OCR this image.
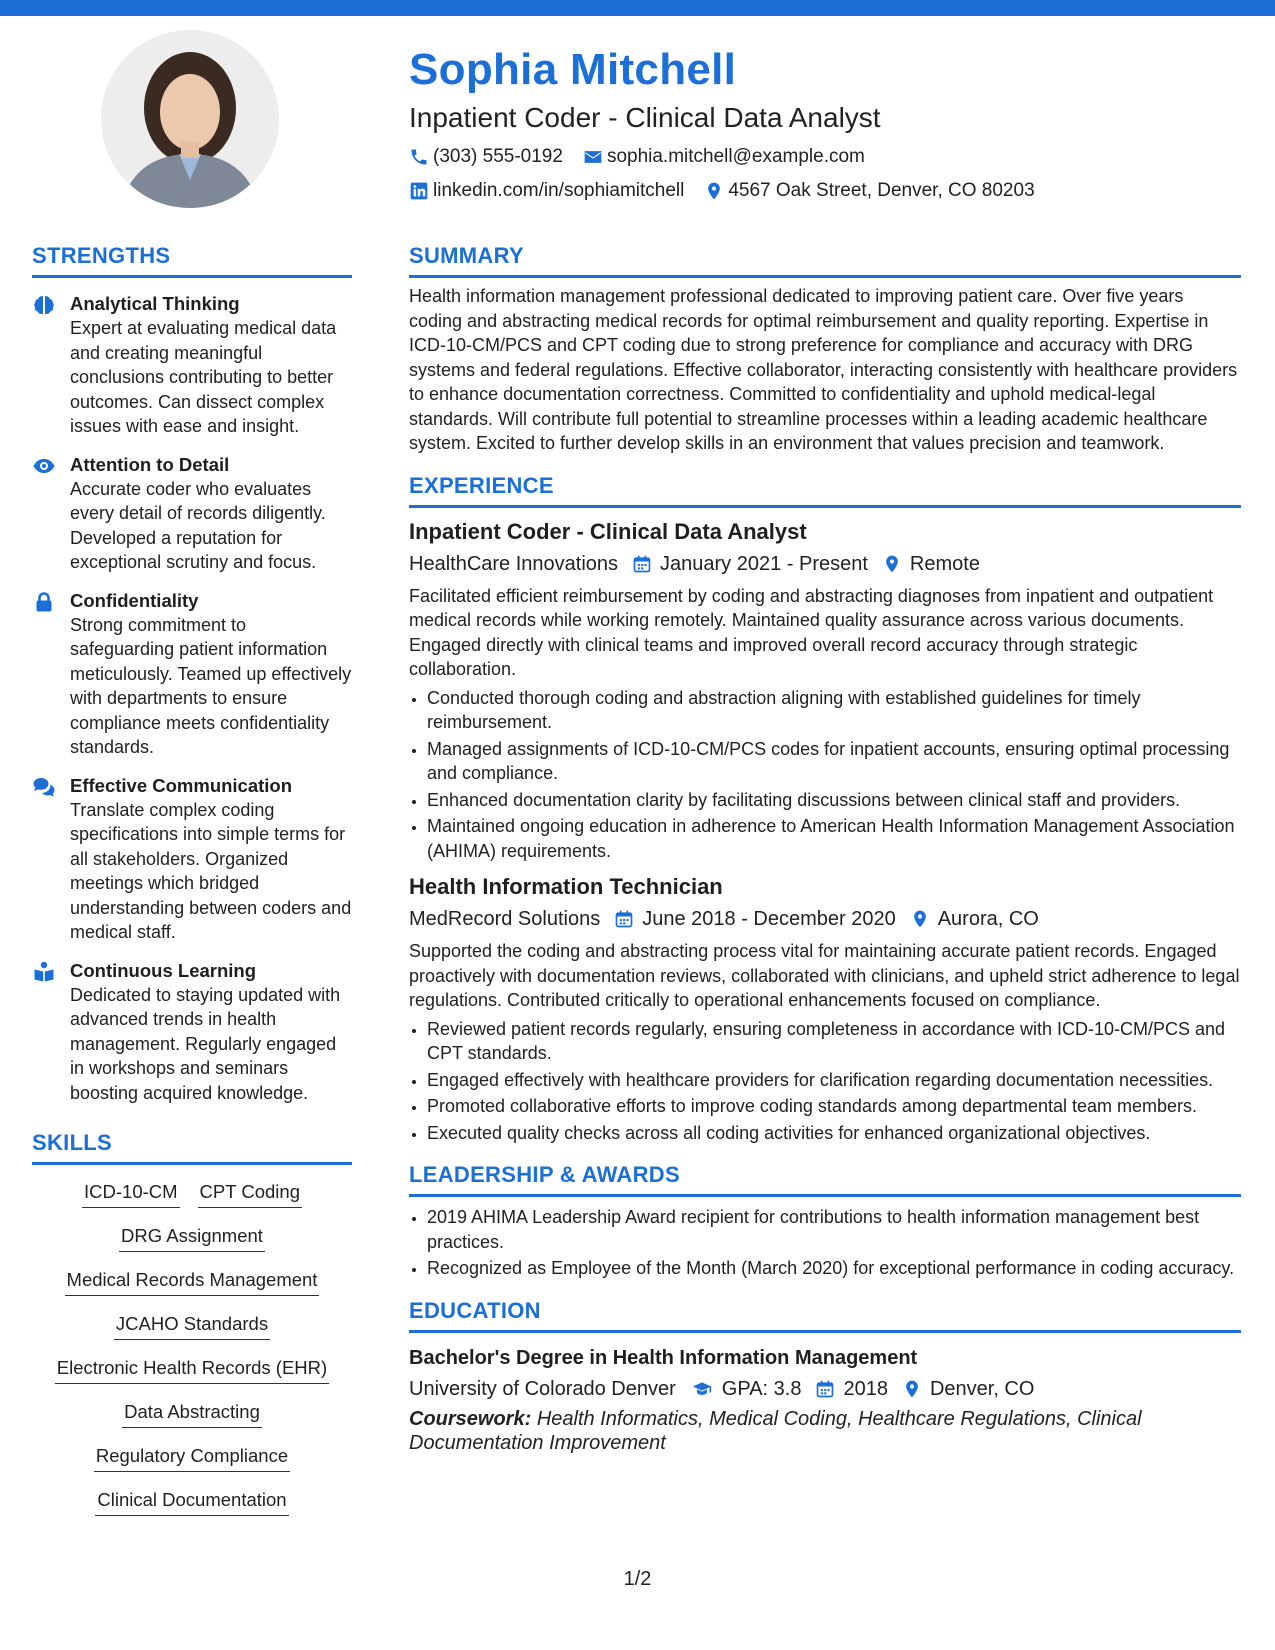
Sophia Mitchell
Inpatient Coder - Clinical Data Analyst
(303) 555-0192 sophia.mitchell@example.com
linkedin.com/in/sophiamitchell 4567 Oak Street, Denver, CO 80203
STRENGTHS
Analytical Thinking
Expert at evaluating medical data and creating meaningful conclusions contributing to better outcomes. Can dissect complex issues with ease and insight.
Attention to Detail
Accurate coder who evaluates every detail of records diligently. Developed a reputation for exceptional scrutiny and focus.
Confidentiality
Strong commitment to safeguarding patient information meticulously. Teamed up effectively with departments to ensure compliance meets confidentiality standards.
Effective Communication
Translate complex coding specifications into simple terms for all stakeholders. Organized meetings which bridged understanding between coders and medical staff.
Continuous Learning
Dedicated to staying updated with advanced trends in health management. Regularly engaged in workshops and seminars boosting acquired knowledge.
SKILLS
ICD-10-CM CPT Coding
DRG Assignment
Medical Records Management
JCAHO Standards
Electronic Health Records (EHR)
Data Abstracting
Regulatory Compliance
Clinical Documentation
SUMMARY
Health information management professional dedicated to improving patient care. Over five years coding and abstracting medical records for optimal reimbursement and quality reporting. Expertise in ICD-10-CM/PCS and CPT coding due to strong preference for compliance and accuracy with DRG systems and federal regulations. Effective collaborator, interacting consistently with healthcare providers to enhance documentation correctness. Committed to confidentiality and uphold medical-legal standards. Will contribute full potential to streamline processes within a leading academic healthcare system. Excited to further develop skills in an environment that values precision and teamwork.
EXPERIENCE
Inpatient Coder - Clinical Data Analyst
HealthCare Innovations January 2021 - Present Remote
Facilitated efficient reimbursement by coding and abstracting diagnoses from inpatient and outpatient medical records while working remotely. Maintained quality assurance across various documents. Engaged directly with clinical teams and improved overall record accuracy through strategic collaboration.
• Conducted thorough coding and abstraction aligning with established guidelines for timely reimbursement.
• Managed assignments of ICD-10-CM/PCS codes for inpatient accounts, ensuring optimal processing and compliance.
• Enhanced documentation clarity by facilitating discussions between clinical staff and providers.
• Maintained ongoing education in adherence to American Health Information Management Association (AHIMA) requirements.
Health Information Technician
MedRecord Solutions June 2018 - December 2020 Aurora, CO
Supported the coding and abstracting process vital for maintaining accurate patient records. Engaged proactively with documentation reviews, collaborated with clinicians, and upheld strict adherence to legal regulations. Contributed critically to operational enhancements focused on compliance.
• Reviewed patient records regularly, ensuring completeness in accordance with ICD-10-CM/PCS and CPT standards.
• Engaged effectively with healthcare providers for clarification regarding documentation necessities.
• Promoted collaborative efforts to improve coding standards among departmental team members.
• Executed quality checks across all coding activities for enhanced organizational objectives.
LEADERSHIP & AWARDS
• 2019 AHIMA Leadership Award recipient for contributions to health information management best practices.
• Recognized as Employee of the Month (March 2020) for exceptional performance in coding accuracy.
EDUCATION
Bachelor's Degree in Health Information Management
University of Colorado Denver GPA: 3.8 2018 Denver, CO
Coursework: Health Informatics, Medical Coding, Healthcare Regulations, Clinical Documentation Improvement
1/2
